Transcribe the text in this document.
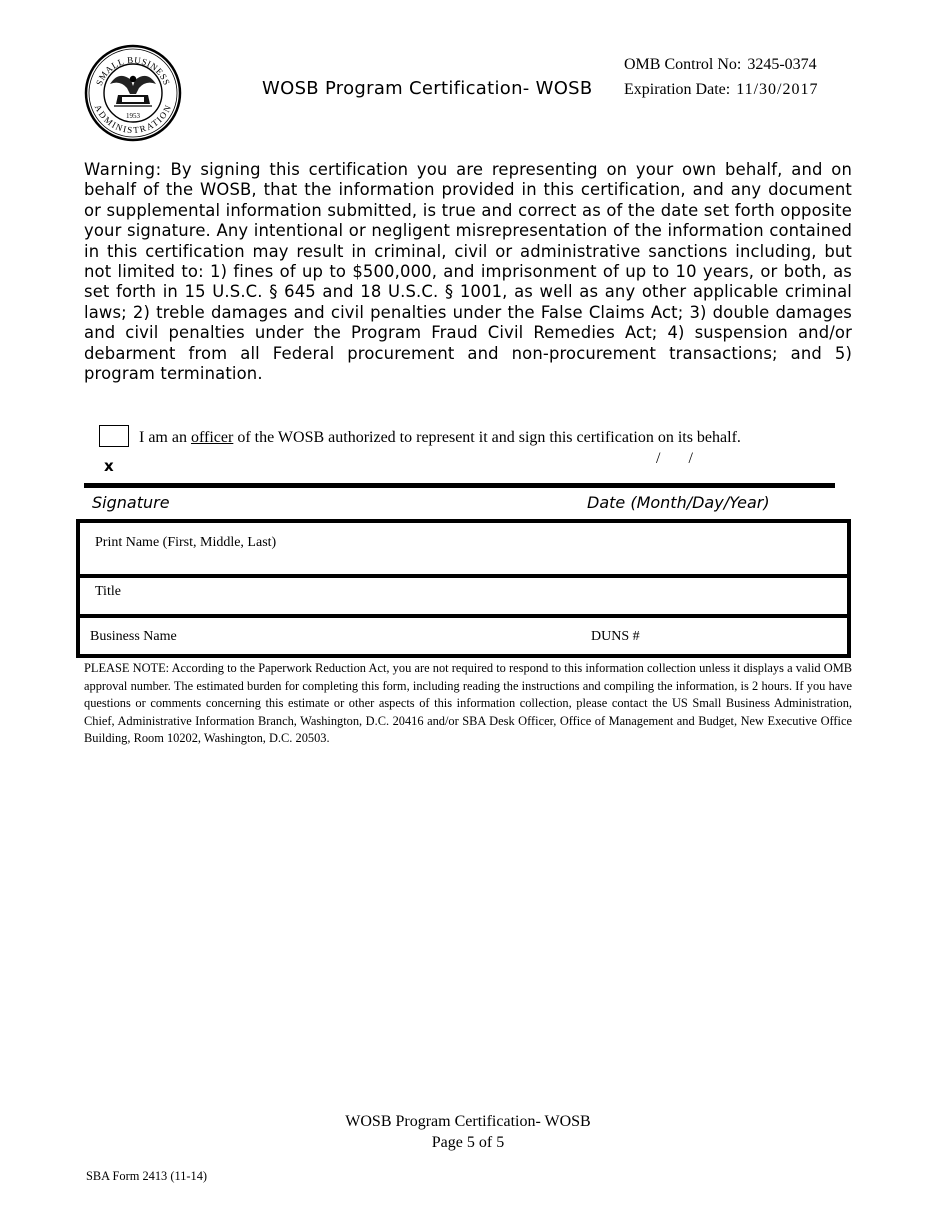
SMALL BUSINESS
ADMINISTRATION
1953
WOSB Program Certification- WOSB
OMB Control No: 3245-0374
Expiration Date: 11/30/2017
Warning: By signing this certification you are representing on your own behalf, and on behalf of the WOSB, that the information provided in this certification, and any document or supplemental information submitted, is true and correct as of the date set forth opposite your signature. Any intentional or negligent misrepresentation of the information contained in this certification may result in criminal, civil or administrative sanctions including, but not limited to: 1) fines of up to $500,000, and imprisonment of up to 10 years, or both, as set forth in 15 U.S.C. § 645 and 18 U.S.C. § 1001, as well as any other applicable criminal laws; 2) treble damages and civil penalties under the False Claims Act; 3) double damages and civil penalties under the Program Fraud Civil Remedies Act; 4) suspension and/or debarment from all Federal procurement and non-procurement transactions; and 5) program termination.
I am an officer of the WOSB authorized to represent it and sign this certification on its behalf.
x	/       /
Signature	Date (Month/Day/Year)
Print Name (First, Middle, Last)
Title
Business Name	DUNS #
PLEASE NOTE: According to the Paperwork Reduction Act, you are not required to respond to this information collection unless it displays a valid OMB approval number. The estimated burden for completing this form, including reading the instructions and compiling the information, is 2 hours. If you have questions or comments concerning this estimate or other aspects of this information collection, please contact the US Small Business Administration, Chief, Administrative Information Branch, Washington, D.C. 20416 and/or SBA Desk Officer, Office of Management and Budget, New Executive Office Building, Room 10202, Washington, D.C. 20503.
WOSB Program Certification- WOSB
Page 5 of 5
SBA Form 2413 (11-14)
